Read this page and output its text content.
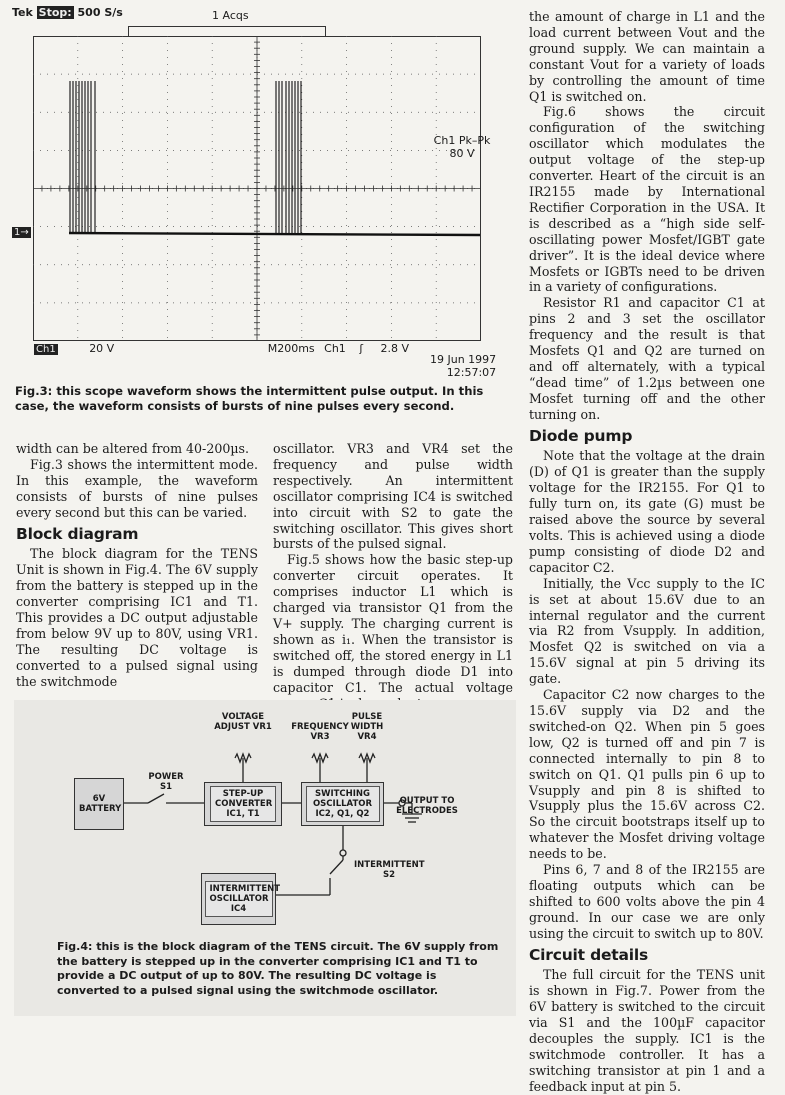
Tek Stop: 500 S/s	1 Acqs
1→
Ch1 Pk–Pk
80 V
Ch1	20 V	M200ms Ch1 ʃ 2.8 V
19 Jun 1997
12:57:07
Fig.3: this scope waveform shows the intermittent pulse output. In this case, the waveform consists of bursts of nine pulses every second.

width can be altered from 40-200µs.

Fig.3 shows the intermittent mode. In this example, the waveform consists of bursts of nine pulses every second but this can be varied.

Block diagram

The block diagram for the TENS Unit is shown in Fig.4. The 6V supply from the battery is stepped up in the converter comprising IC1 and T1. This provides a DC output adjustable from below 9V up to 80V, using VR1. The resulting DC voltage is converted to a pulsed signal using the switchmode

oscillator. VR3 and VR4 set the frequency and pulse width respectively. An intermittent oscillator comprising IC4 is switched into circuit with S2 to gate the switching oscillator. This gives short bursts of the pulsed signal.

Fig.5 shows how the basic step-up converter circuit operates. It comprises inductor L1 which is charged via transistor Q1 from the V+ supply. The charging current is shown as i₁. When the transistor is switched off, the stored energy in L1 is dumped through diode D1 into capacitor C1. The actual voltage

the amount of charge in L1 and the load current between Vout and the ground supply. We can maintain a constant Vout for a variety of loads by controlling the amount of time Q1 is switched on.

Fig.6 shows the circuit configuration of the switching oscillator which modulates the output voltage of the step-up converter. Heart of the circuit is an IR2155 made by International Rectifier Corporation in the USA. It is described as a “high side self-oscillating power Mosfet/IGBT gate driver”. It is the ideal device where Mosfets or IGBTs need to be driven in a variety of configurations.

Resistor R1 and capacitor C1 at pins 2 and 3 set the oscillator frequency and the result is that Mosfets Q1 and Q2 are turned on and off alternately, with a typical “dead time” of 1.2µs between one Mosfet turning off and the other turning on.

Diode pump

Note that the voltage at the drain (D) of Q1 is greater than the supply voltage for the IR2155. For Q1 to fully turn on, its gate (G) must be raised above the source by several volts. This is achieved using a diode pump consisting of diode D2 and capacitor C2.

Initially, the Vcc supply to the IC is set at about 15.6V due to an internal regulator and the current via R2 from Vsupply. In addition, Mosfet Q2 is switched on via a 15.6V signal at pin 5 driving its gate.

Capacitor C2 now charges to the 15.6V supply via D2 and the switched-on Q2. When pin 5 goes low, Q2 is turned off and pin 7 is connected internally to pin 8 to switch on Q1. Q1 pulls pin 6 up to Vsupply and pin 8 is shifted to Vsupply plus the 15.6V across C2. So the circuit bootstraps itself up to whatever the Mosfet driving voltage needs to be.

Pins 6, 7 and 8 of the IR2155 are floating outputs which can be shifted to 600 volts above the pin 4 ground. In our case we are only using the circuit to switch up to 80V.

Circuit details

The full circuit for the TENS unit is shown in Fig.7. Power from the 6V battery is switched to the circuit via S1 and the 100µF capacitor decouples the supply. IC1 is the switchmode controller. It has a switching transistor at pin 1 and a feedback input at pin 5.

6V BATTERY
POWER S1
VOLTAGE ADJUST VR1
STEP-UP CONVERTER IC1, T1
FREQUENCY VR3
PULSE WIDTH VR4
SWITCHING OSCILLATOR IC2, Q1, Q2
OUTPUT TO ELECTRODES
INTERMITTENT S2
INTERMITTENT OSCILLATOR IC4
Fig.4: this is the block diagram of the TENS circuit. The 6V supply from the battery is stepped up in the converter comprising IC1 and T1 to provide a DC output of up to 80V. The resulting DC voltage is converted to a pulsed signal using the switchmode oscillator.
